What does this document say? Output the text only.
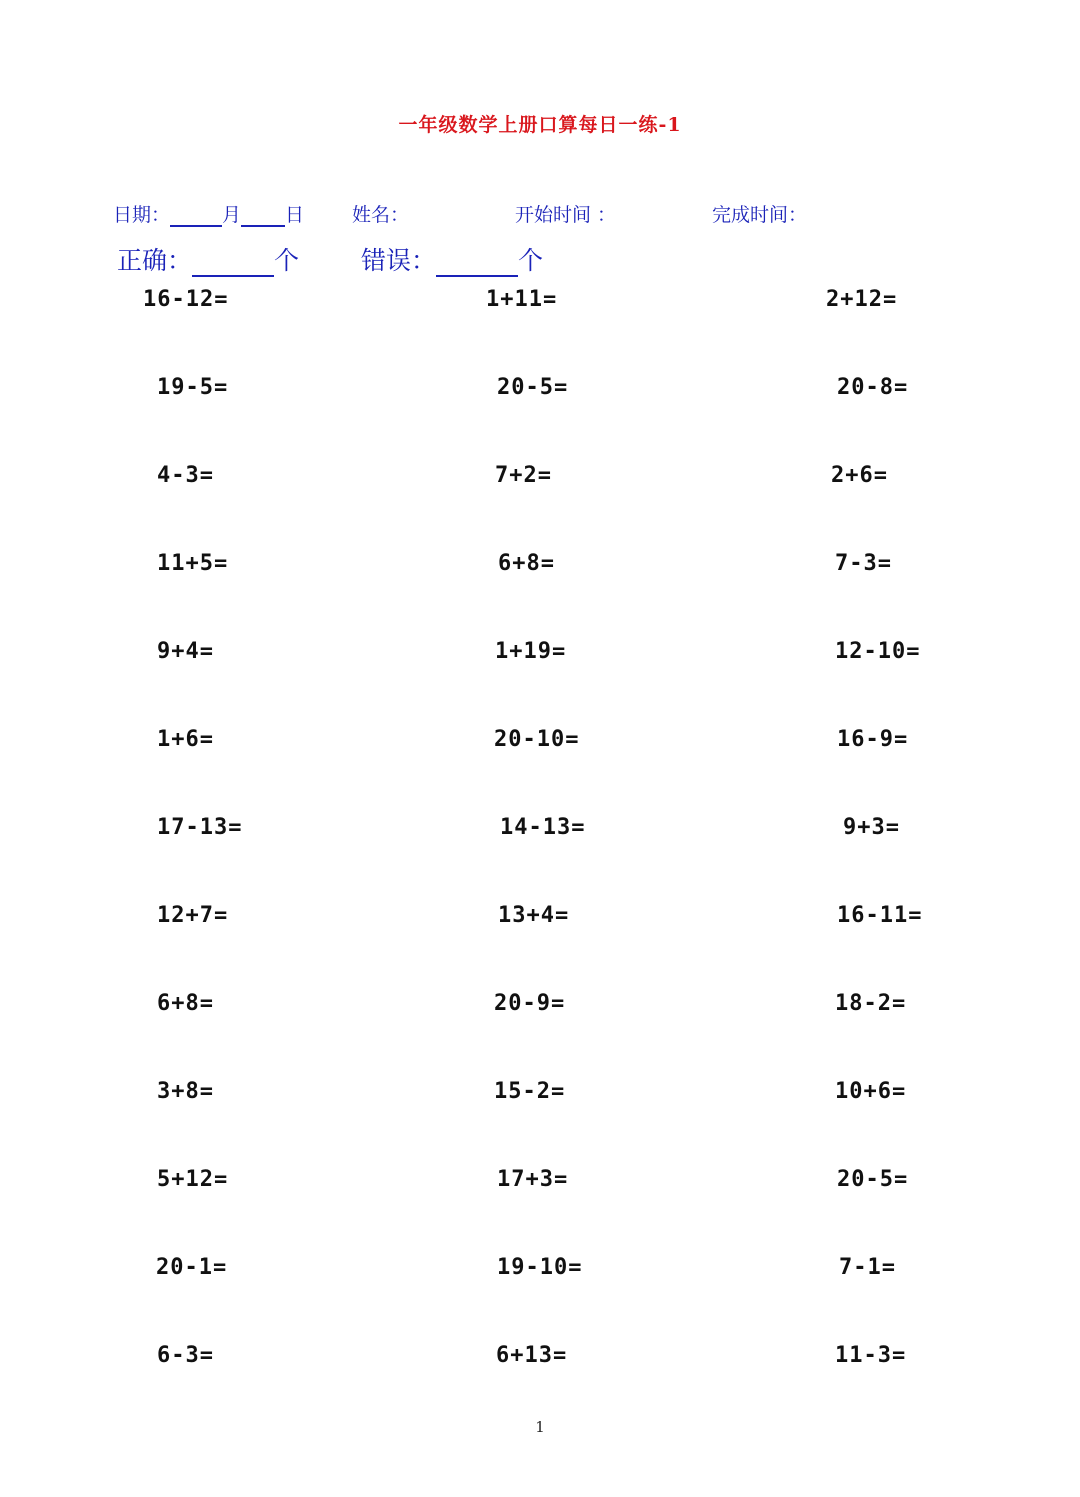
一年级数学上册口算每日一练-1
日期：	月 日	姓名：	开始时间 ：	完成时间：
正确：	个 错误：	个
16-12=	1+11=	2+12=
19-5=	20-5=	20-8=
4-3=	7+2=	2+6=
11+5=	6+8=	7-3=
9+4=	1+19=	12-10=
1+6=	20-10=	16-9=
17-13=	14-13=	9+3=
12+7=	13+4=	16-11=
6+8=	20-9=	18-2=
3+8=	15-2=	10+6=
5+12=	17+3=	20-5=
20-1=	19-10=	7-1=
6-3=	6+13=	11-3=
1
